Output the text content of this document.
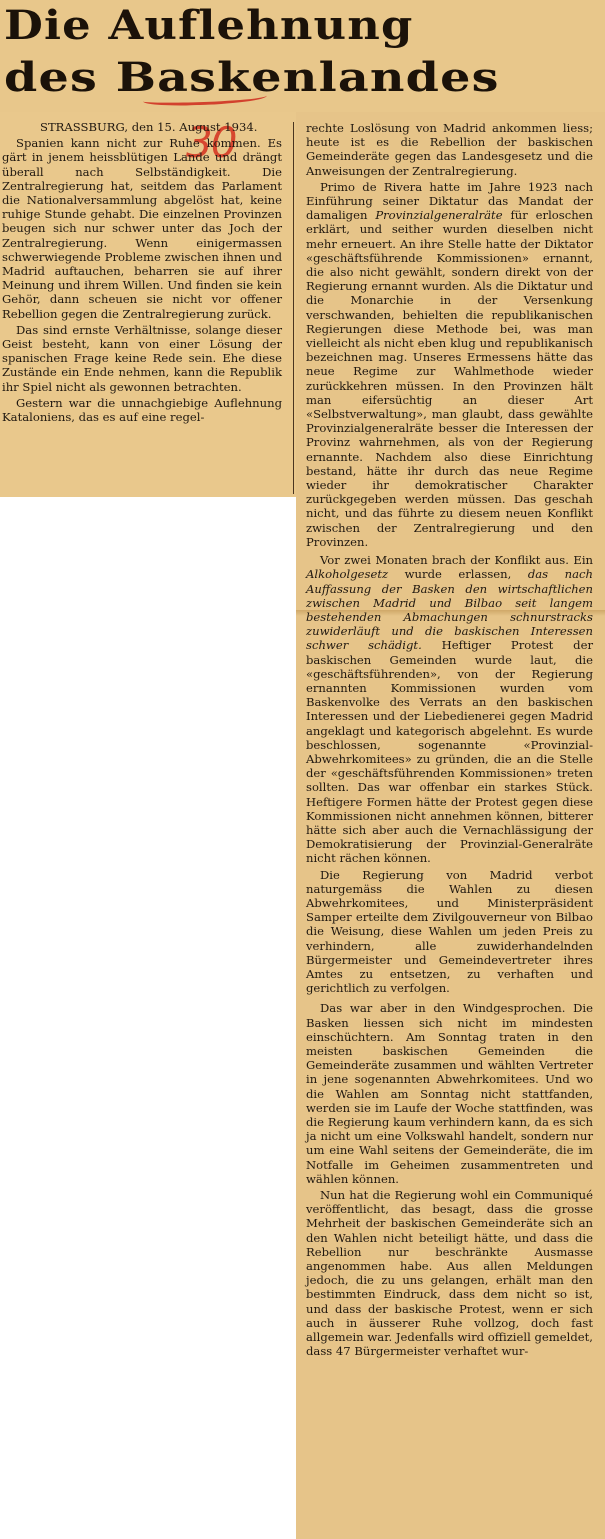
Die Auflehnung
des Baskenlandes
30

STRASSBURG, den 15. August 1934.

Spanien kann nicht zur Ruhe kommen. Es gärt in jenem heissblütigen Lande und drängt überall nach Selbständigkeit. Die Zentralregierung hat, seitdem das Parlament die Nationalversammlung abgelöst hat, keine ruhige Stunde gehabt. Die einzelnen Provinzen beugen sich nur schwer unter das Joch der Zentralregierung. Wenn einigermassen schwerwiegende Probleme zwischen ihnen und Madrid auftauchen, beharren sie auf ihrer Meinung und ihrem Willen. Und finden sie kein Gehör, dann scheuen sie nicht vor offener Rebellion gegen die Zentralregierung zurück.

Das sind ernste Verhältnisse, solange dieser Geist besteht, kann von einer Lösung der spanischen Frage keine Rede sein. Ehe diese Zustände ein Ende nehmen, kann die Republik ihr Spiel nicht als gewonnen betrachten.

Gestern war die unnachgiebige Auflehnung Kataloniens, das es auf eine regel-

rechte Loslösung von Madrid ankommen liess; heute ist es die Rebellion der baskischen Gemeinderäte gegen das Landesgesetz und die Anweisungen der Zentralregierung.

Primo de Rivera hatte im Jahre 1923 nach Einführung seiner Diktatur das Mandat der damaligen Provinzialgeneralräte für erloschen erklärt, und seither wurden dieselben nicht mehr erneuert. An ihre Stelle hatte der Diktator «geschäftsführende Kommissionen» ernannt, die also nicht gewählt, sondern direkt von der Regierung ernannt wurden. Als die Diktatur und die Monarchie in der Versenkung verschwanden, behielten die republikanischen Regierungen diese Methode bei, was man vielleicht als nicht eben klug und republikanisch bezeichnen mag. Unseres Ermessens hätte das neue Regime zur Wahlmethode wieder zurückkehren müssen. In den Provinzen hält man eifersüchtig an dieser Art «Selbstverwaltung», man glaubt, dass gewählte Provinzialgeneralräte besser die Interessen der Provinz wahrnehmen, als von der Regierung ernannte. Nachdem also diese Einrichtung bestand, hätte ihr durch das neue Regime wieder ihr demokratischer Charakter zurückgegeben werden müssen. Das geschah nicht, und das führte zu diesem neuen Konflikt zwischen der Zentralregierung und den Provinzen.

Vor zwei Monaten brach der Konflikt aus. Ein Alkoholgesetz wurde erlassen, das nach Auffassung der Basken den wirtschaftlichen zwischen Madrid und Bilbao seit langem bestehenden Abmachungen schnurstracks zuwiderläuft und die baskischen Interessen schwer schädigt. Heftiger Protest der baskischen Gemeinden wurde laut, die «geschäftsführenden», von der Regierung ernannten Kommissionen wurden vom Baskenvolke des Verrats an den baskischen Interessen und der Liebedienerei gegen Madrid angeklagt und kategorisch abgelehnt. Es wurde beschlossen, sogenannte «Provinzial-Abwehrkomitees» zu gründen, die an die Stelle der «geschäftsführenden Kommissionen» treten sollten. Das war offenbar ein starkes Stück. Heftigere Formen hätte der Protest gegen diese Kommissionen nicht annehmen können, bitterer hätte sich aber auch die Vernachlässigung der Demokratisierung der Provinzial-Generalräte nicht rächen können.

Die Regierung von Madrid verbot naturgemäss die Wahlen zu diesen Abwehrkomitees, und Ministerpräsident Samper erteilte dem Zivilgouverneur von Bilbao die Weisung, diese Wahlen um jeden Preis zu verhindern, alle zuwiderhandelnden Bürgermeister und Gemeindevertreter ihres Amtes zu entsetzen, zu verhaften und gerichtlich zu verfolgen.

Das war aber in den Windgesprochen. Die Basken liessen sich nicht im mindesten einschüchtern. Am Sonntag traten in den meisten baskischen Gemeinden die Gemeinderäte zusammen und wählten Vertreter in jene sogenannten Abwehrkomitees. Und wo die Wahlen am Sonntag nicht stattfanden, werden sie im Laufe der Woche stattfinden, was die Regierung kaum verhindern kann, da es sich ja nicht um eine Volkswahl handelt, sondern nur um eine Wahl seitens der Gemeinderäte, die im Notfalle im Geheimen zusammentreten und wählen können.

Nun hat die Regierung wohl ein Communiqué veröffentlicht, das besagt, dass die grosse Mehrheit der baskischen Gemeinderäte sich an den Wahlen nicht beteiligt hätte, und dass die Rebellion nur beschränkte Ausmasse angenommen habe. Aus allen Meldungen jedoch, die zu uns gelangen, erhält man den bestimmten Eindruck, dass dem nicht so ist, und dass der baskische Protest, wenn er sich auch in äusserer Ruhe vollzog, doch fast allgemein war. Jedenfalls wird offiziell gemeldet, dass 47 Bürgermeister verhaftet wur-
